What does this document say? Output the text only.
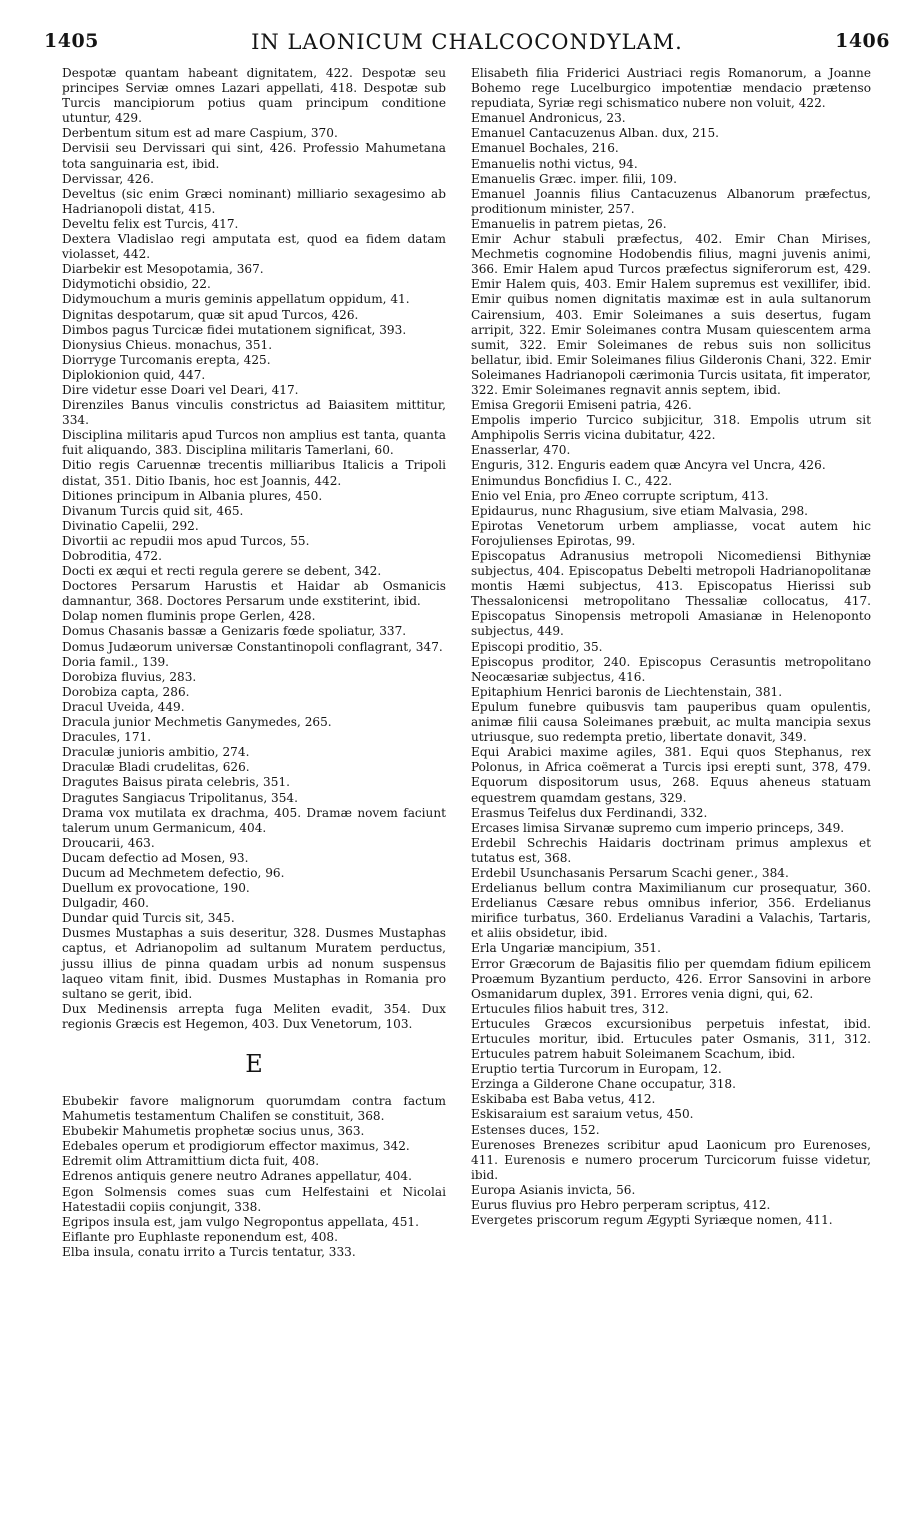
1405	IN LAONICUM CHALCOCONDYLAM.	1406

Despotæ quantam habeant dignitatem, 422. Despotæ seu principes Serviæ omnes Lazari appellati, 418. Despotæ sub Turcis mancipiorum potius quam principum conditione utuntur, 429.

Derbentum situm est ad mare Caspium, 370.

Dervisii seu Dervissari qui sint, 426. Professio Mahumetana tota sanguinaria est, ibid.

Dervissar, 426.

Develtus (sic enim Græci nominant) milliario sexagesimo ab Hadrianopoli distat, 415.

Develtu felix est Turcis, 417.

Dextera Vladislao regi amputata est, quod ea fidem datam violasset, 442.

Diarbekir est Mesopotamia, 367.

Didymotichi obsidio, 22.

Didymouchum a muris geminis appellatum oppidum, 41.

Dignitas despotarum, quæ sit apud Turcos, 426.

Dimbos pagus Turcicæ fidei mutationem significat, 393.

Dionysius Chieus. monachus, 351.

Diorryge Turcomanis erepta, 425.

Diplokionion quid, 447.

Dire videtur esse Doari vel Deari, 417.

Direnziles Banus vinculis constrictus ad Baiasitem mittitur, 334.

Disciplina militaris apud Turcos non amplius est tanta, quanta fuit aliquando, 383. Disciplina militaris Tamerlani, 60.

Ditio regis Caruennæ trecentis milliaribus Italicis a Tripoli distat, 351. Ditio Ibanis, hoc est Joannis, 442.

Ditiones principum in Albania plures, 450.

Divanum Turcis quid sit, 465.

Divinatio Capelii, 292.

Divortii ac repudii mos apud Turcos, 55.

Dobroditia, 472.

Docti ex æqui et recti regula gerere se debent, 342.

Doctores Persarum Harustis et Haidar ab Osmanicis damnantur, 368. Doctores Persarum unde exstiterint, ibid.

Dolap nomen fluminis prope Gerlen, 428.

Domus Chasanis bassæ a Genizaris fœde spoliatur, 337.

Domus Judæorum universæ Constantinopoli conflagrant, 347.

Doria famil., 139.

Dorobiza fluvius, 283.

Dorobiza capta, 286.

Dracul Uveida, 449.

Dracula junior Mechmetis Ganymedes, 265.

Dracules, 171.

Draculæ junioris ambitio, 274.

Draculæ Bladi crudelitas, 626.

Dragutes Baisus pirata celebris, 351.

Dragutes Sangiacus Tripolitanus, 354.

Drama vox mutilata ex drachma, 405. Dramæ novem faciunt talerum unum Germanicum, 404.

Droucarii, 463.

Ducam defectio ad Mosen, 93.

Ducum ad Mechmetem defectio, 96.

Duellum ex provocatione, 190.

Dulgadir, 460.

Dundar quid Turcis sit, 345.

Dusmes Mustaphas a suis deseritur, 328. Dusmes Mustaphas captus, et Adrianopolim ad sultanum Muratem perductus, jussu illius de pinna quadam urbis ad nonum suspensus laqueo vitam finit, ibid. Dusmes Mustaphas in Romania pro sultano se gerit, ibid.

Dux Medinensis arrepta fuga Meliten evadit, 354. Dux regionis Græcis est Hegemon, 403. Dux Venetorum, 103.

E

Ebubekir favore malignorum quorumdam contra factum Mahumetis testamentum Chalifen se constituit, 368.

Ebubekir Mahumetis prophetæ socius unus, 363.

Edebales operum et prodigiorum effector maximus, 342.

Edremit olim Attramittium dicta fuit, 408.

Edrenos antiquis genere neutro Adranes appellatur, 404.

Egon Solmensis comes suas cum Helfestaini et Nicolai Hatestadii copiis conjungit, 338.

Egripos insula est, jam vulgo Negropontus appellata, 451.

Eiflante pro Euphlaste reponendum est, 408.

Elba insula, conatu irrito a Turcis tentatur, 333.

Elisabeth filia Friderici Austriaci regis Romanorum, a Joanne Bohemo rege Lucelburgico impotentiæ mendacio prætenso repudiata, Syriæ regi schismatico nubere non voluit, 422.

Emanuel Andronicus, 23.

Emanuel Cantacuzenus Alban. dux, 215.

Emanuel Bochales, 216.

Emanuelis nothi victus, 94.

Emanuelis Græc. imper. filii, 109.

Emanuel Joannis filius Cantacuzenus Albanorum præfectus, proditionum minister, 257.

Emanuelis in patrem pietas, 26.

Emir Achur stabuli præfectus, 402. Emir Chan Mirises, Mechmetis cognomine Hodobendis filius, magni juvenis animi, 366. Emir Halem apud Turcos præfectus signiferorum est, 429. Emir Halem quis, 403. Emir Halem supremus est vexillifer, ibid. Emir quibus nomen dignitatis maximæ est in aula sultanorum Cairensium, 403. Emir Soleimanes a suis desertus, fugam arripit, 322. Emir Soleimanes contra Musam quiescentem arma sumit, 322. Emir Soleimanes de rebus suis non sollicitus bellatur, ibid. Emir Soleimanes filius Gilderonis Chani, 322. Emir Soleimanes Hadrianopoli cærimonia Turcis usitata, fit imperator, 322. Emir Soleimanes regnavit annis septem, ibid.

Emisa Gregorii Emiseni patria, 426.

Empolis imperio Turcico subjicitur, 318. Empolis utrum sit Amphipolis Serris vicina dubitatur, 422.

Enasserlar, 470.

Enguris, 312. Enguris eadem quæ Ancyra vel Uncra, 426.

Enimundus Boncfidius I. C., 422.

Enio vel Enia, pro Æneo corrupte scriptum, 413.

Epidaurus, nunc Rhagusium, sive etiam Malvasia, 298.

Epirotas Venetorum urbem ampliasse, vocat autem hic Forojulienses Epirotas, 99.

Episcopatus Adranusius metropoli Nicomediensi Bithyniæ subjectus, 404. Episcopatus Debelti metropoli Hadrianopolitanæ montis Hæmi subjectus, 413. Episcopatus Hierissi sub Thessalonicensi metropolitano Thessaliæ collocatus, 417. Episcopatus Sinopensis metropoli Amasianæ in Helenoponto subjectus, 449.

Episcopi proditio, 35.

Episcopus proditor, 240. Episcopus Cerasuntis metropolitano Neocæsariæ subjectus, 416.

Epitaphium Henrici baronis de Liechtenstain, 381.

Epulum funebre quibusvis tam pauperibus quam opulentis, animæ filii causa Soleimanes præbuit, ac multa mancipia sexus utriusque, suo redempta pretio, libertate donavit, 349.

Equi Arabici maxime agiles, 381. Equi quos Stephanus, rex Polonus, in Africa coëmerat a Turcis ipsi erepti sunt, 378, 479. Equorum dispositorum usus, 268. Equus aheneus statuam equestrem quamdam gestans, 329.

Erasmus Teifelus dux Ferdinandi, 332.

Ercases limisa Sirvanæ supremo cum imperio princeps, 349.

Erdebil Schrechis Haidaris doctrinam primus amplexus et tutatus est, 368.

Erdebil Usunchasanis Persarum Scachi gener., 384.

Erdelianus bellum contra Maximilianum cur prosequatur, 360. Erdelianus Cæsare rebus omnibus inferior, 356. Erdelianus mirifice turbatus, 360. Erdelianus Varadini a Valachis, Tartaris, et aliis obsidetur, ibid.

Erla Ungariæ mancipium, 351.

Error Græcorum de Bajasitis filio per quemdam fidium epilicem Proæmum Byzantium perducto, 426. Error Sansovini in arbore Osmanidarum duplex, 391. Errores venia digni, qui, 62.

Ertucules filios habuit tres, 312.

Ertucules Græcos excursionibus perpetuis infestat, ibid. Ertucules moritur, ibid. Ertucules pater Osmanis, 311, 312. Ertucules patrem habuit Soleimanem Scachum, ibid.

Eruptio tertia Turcorum in Europam, 12.

Erzinga a Gilderone Chane occupatur, 318.

Eskibaba est Baba vetus, 412.

Eskisaraium est saraium vetus, 450.

Estenses duces, 152.

Eurenoses Brenezes scribitur apud Laonicum pro Eurenoses, 411. Eurenosis e numero procerum Turcicorum fuisse videtur, ibid.

Europa Asianis invicta, 56.

Eurus fluvius pro Hebro perperam scriptus, 412.

Evergetes priscorum regum Ægypti Syriæque nomen, 411.
